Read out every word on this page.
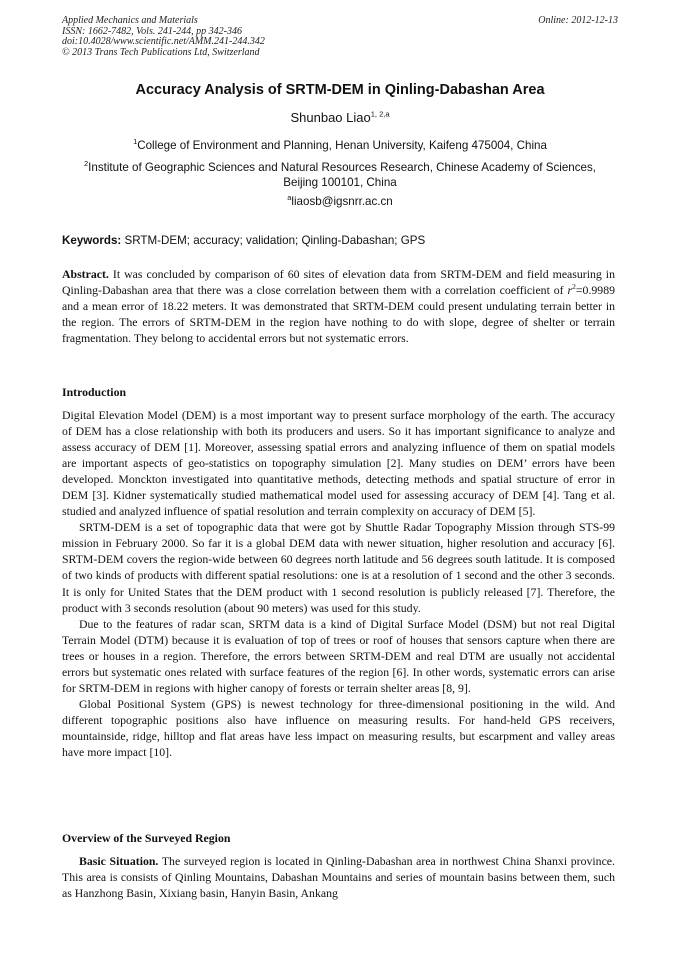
Applied Mechanics and Materials
ISSN: 1662-7482, Vols. 241-244, pp 342-346
doi:10.4028/www.scientific.net/AMM.241-244.342
© 2013 Trans Tech Publications Ltd, Switzerland
Online: 2012-12-13
Accuracy Analysis of SRTM-DEM in Qinling-Dabashan Area
Shunbao Liao$^{1, 2,a}$
$^1$College of Environment and Planning, Henan University, Kaifeng 475004, China
$^2$Institute of Geographic Sciences and Natural Resources Research, Chinese Academy of Sciences,
Beijing 100101, China
$^a$liaosb@igsnrr.ac.cn
Keywords: SRTM-DEM; accuracy; validation; Qinling-Dabashan; GPS

Abstract. It was concluded by comparison of 60 sites of elevation data from SRTM-DEM and field measuring in Qinling-Dabashan area that there was a close correlation between them with a correlation coefficient of $r^2=0.9989$ and a mean error of 18.22 meters. It was demonstrated that SRTM-DEM could present undulating terrain better in the region. The errors of SRTM-DEM in the region have nothing to do with slope, degree of shelter or terrain fragmentation. They belong to accidental errors but not systematic errors.

Introduction

Digital Elevation Model (DEM) is a most important way to present surface morphology of the earth. The accuracy of DEM has a close relationship with both its producers and users. So it has important significance to analyze and assess accuracy of DEM [1]. Moreover, assessing spatial errors and analyzing influence of them on spatial models are important aspects of geo-statistics on topography simulation [2]. Many studies on DEM’ errors have been developed. Monckton investigated into quantitative methods, detecting methods and spatial structure of error in DEM [3]. Kidner systematically studied mathematical model used for assessing accuracy of DEM [4]. Tang et al. studied and analyzed influence of spatial resolution and terrain complexity on accuracy of DEM [5].

SRTM-DEM is a set of topographic data that were got by Shuttle Radar Topography Mission through STS-99 mission in February 2000. So far it is a global DEM data with newer situation, higher resolution and accuracy [6]. SRTM-DEM covers the region-wide between 60 degrees north latitude and 56 degrees south latitude. It is composed of two kinds of products with different spatial resolutions: one is at a resolution of 1 second and the other 3 seconds. It is only for United States that the DEM product with 1 second resolution is publicly released [7]. Therefore, the product with 3 seconds resolution (about 90 meters) was used for this study.

Due to the features of radar scan, SRTM data is a kind of Digital Surface Model (DSM) but not real Digital Terrain Model (DTM) because it is evaluation of top of trees or roof of houses that sensors capture when there are trees or houses in a region. Therefore, the errors between SRTM-DEM and real DTM are usually not accidental errors but systematic ones related with surface features of the region [6]. In other words, systematic errors can arise for SRTM-DEM in regions with higher canopy of forests or terrain shelter areas [8, 9].

Global Positional System (GPS) is newest technology for three-dimensional positioning in the wild. And different topographic positions also have influence on measuring results. For hand-held GPS receivers, mountainside, ridge, hilltop and flat areas have less impact on measuring results, but escarpment and valley areas have more impact [10].

Overview of the Surveyed Region

Basic Situation. The surveyed region is located in Qinling-Dabashan area in northwest China Shanxi province. This area is consists of Qinling Mountains, Dabashan Mountains and series of mountain basins between them, such as Hanzhong Basin, Xixiang basin, Hanyin Basin, Ankang
